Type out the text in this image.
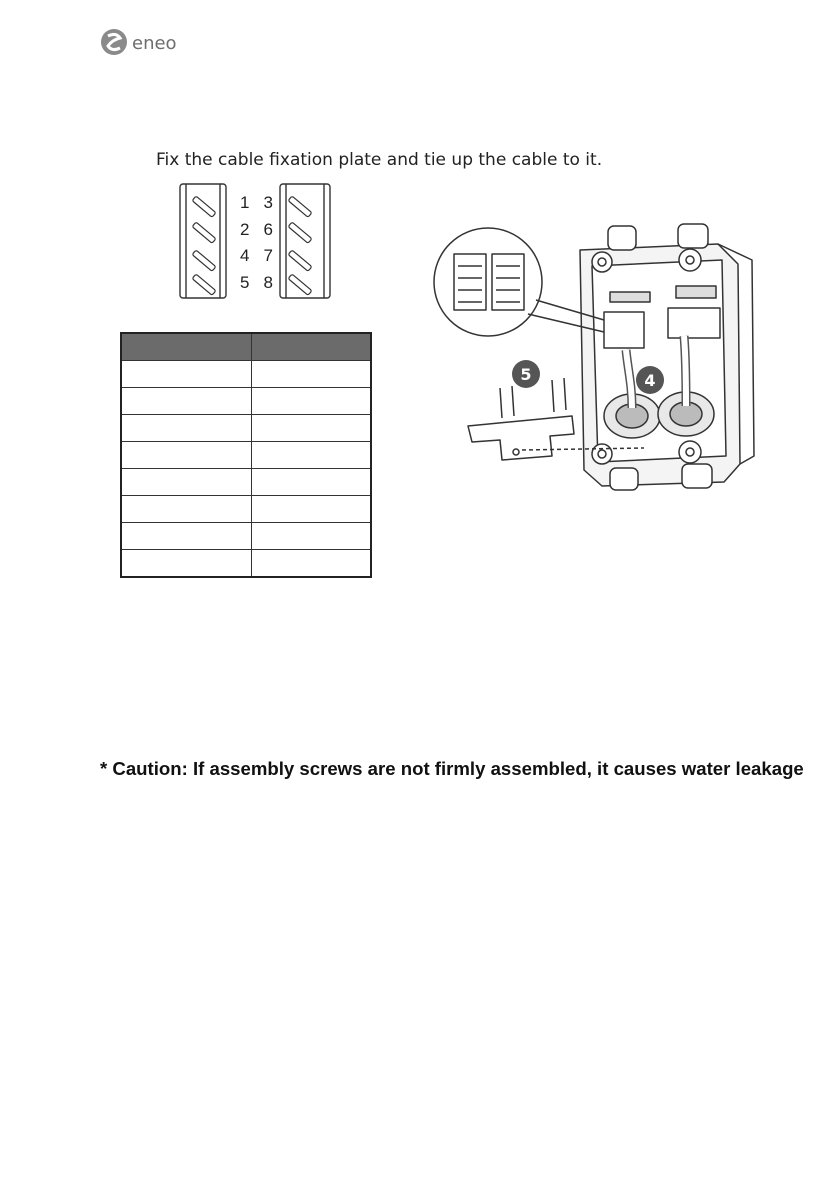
eneo
Fix the cable fixation plate and tie up the cable to it.
1 3
2 6
4 7
5 8

5	4
* Caution: If assembly screws are not firmly assembled, it causes water leakage
